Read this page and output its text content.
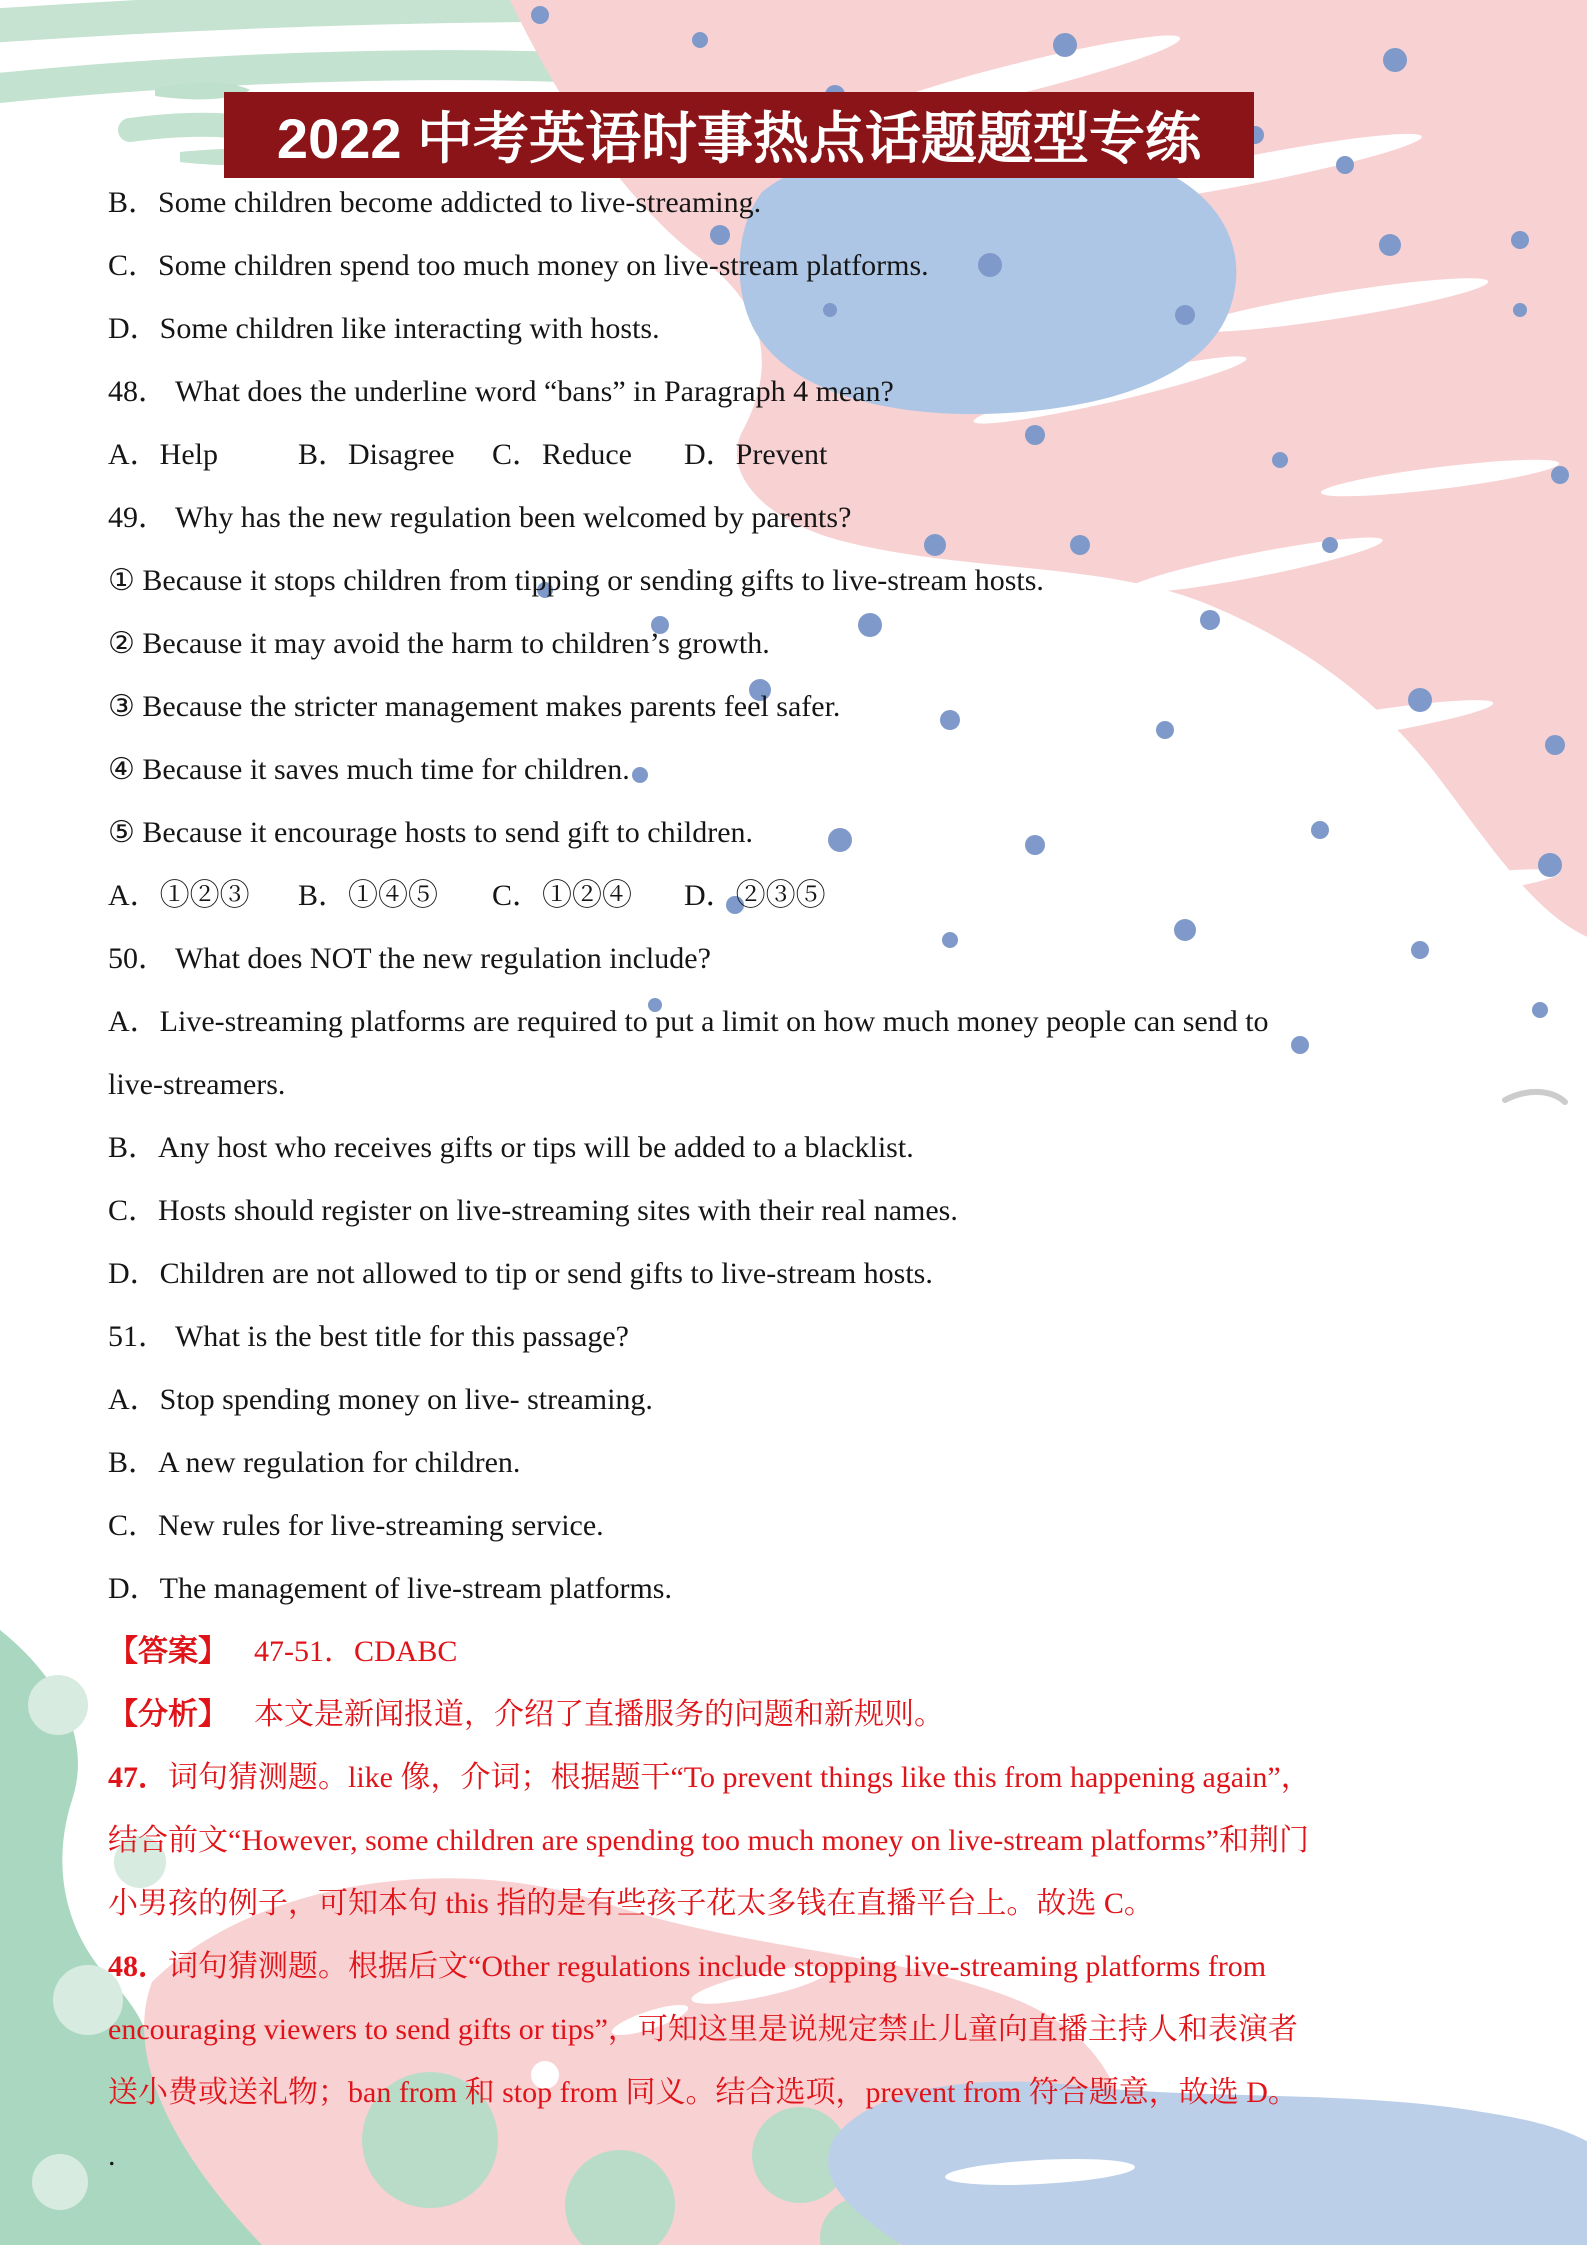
2022 中考英语时事热点话题题型专练
B．Some children become addicted to live-streaming.
C．Some children spend too much money on live-stream platforms.
D．Some children like interacting with hosts.
48． What does the underline word “bans” in Paragraph 4 mean?
A．Help	B．Disagree C．Reduce D．Prevent
49． Why has the new regulation been welcomed by parents?
① Because it stops children from tipping or sending gifts to live-stream hosts.
② Because it may avoid the harm to children’s growth.
③ Because the stricter management makes parents feel safer.
④ Because it saves much time for children.
⑤ Because it encourage hosts to send gift to children.
A．①②③ B．①④⑤ C．①②④ D．②③⑤
50． What does NOT the new regulation include?
A．Live-streaming platforms are required to put a limit on how much money people can send to
live-streamers.
B．Any host who receives gifts or tips will be added to a blacklist.
C．Hosts should register on live-streaming sites with their real names.
D．Children are not allowed to tip or send gifts to live-stream hosts.
51． What is the best title for this passage?
A．Stop spending money on live- streaming.
B．A new regulation for children.
C．New rules for live-streaming service.
D．The management of live-stream platforms.
【答案】 47-51．CDABC
【分析】 本文是新闻报道，介绍了直播服务的问题和新规则。
47．词句猜测题。like 像，介词；根据题干“To prevent things like this from happening again”，
结合前文“However, some children are spending too much money on live-stream platforms”和荆门
小男孩的例子，可知本句 this 指的是有些孩子花太多钱在直播平台上。故选 C。
48．词句猜测题。根据后文“Other regulations include stopping live-streaming platforms from
encouraging viewers to send gifts or tips”，可知这里是说规定禁止儿童向直播主持人和表演者
送小费或送礼物；ban from 和 stop from 同义。结合选项，prevent from 符合题意，故选 D。
.
